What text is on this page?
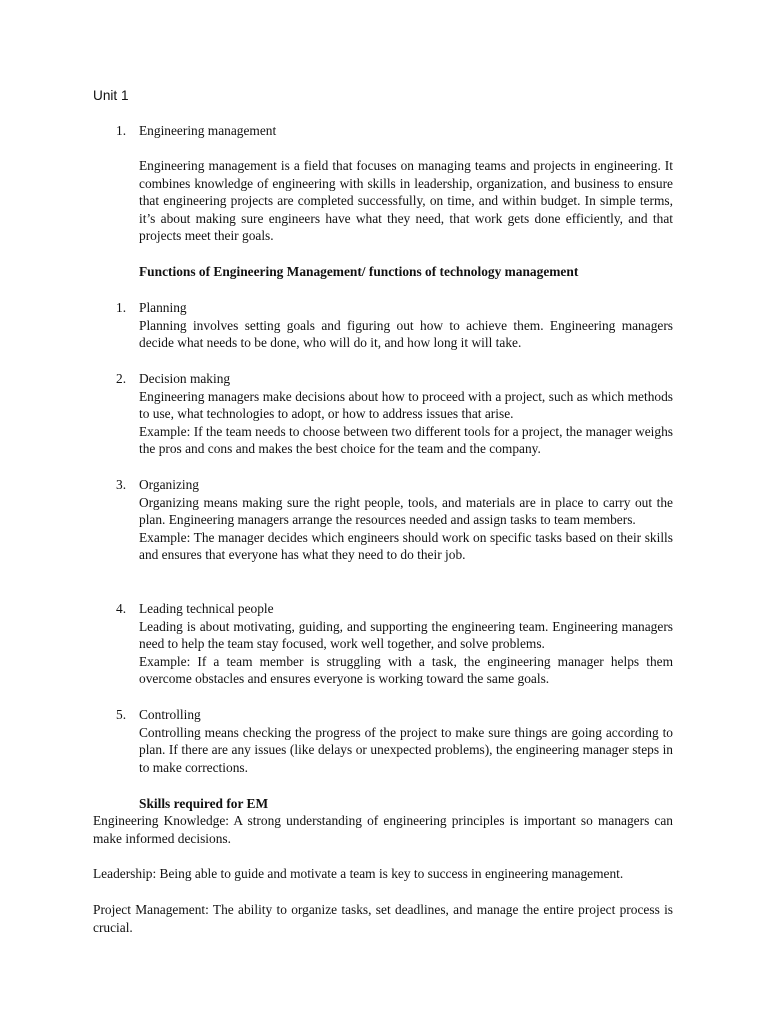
Unit 1
1. Engineering management

Engineering management is a field that focuses on managing teams and projects in engineering. It combines knowledge of engineering with skills in leadership, organization, and business to ensure that engineering projects are completed successfully, on time, and within budget. In simple terms, it’s about making sure engineers have what they need, that work gets done efficiently, and that projects meet their goals.

Functions of Engineering Management/ functions of technology management
1. Planning

Planning involves setting goals and figuring out how to achieve them. Engineering managers decide what needs to be done, who will do it, and how long it will take.

2. Decision making

Engineering managers make decisions about how to proceed with a project, such as which methods to use, what technologies to adopt, or how to address issues that arise.

Example: If the team needs to choose between two different tools for a project, the manager weighs the pros and cons and makes the best choice for the team and the company.

3. Organizing

Organizing means making sure the right people, tools, and materials are in place to carry out the plan. Engineering managers arrange the resources needed and assign tasks to team members.

Example: The manager decides which engineers should work on specific tasks based on their skills and ensures that everyone has what they need to do their job.

4. Leading technical people

Leading is about motivating, guiding, and supporting the engineering team. Engineering managers need to help the team stay focused, work well together, and solve problems.

Example: If a team member is struggling with a task, the engineering manager helps them overcome obstacles and ensures everyone is working toward the same goals.

5. Controlling

Controlling means checking the progress of the project to make sure things are going according to plan. If there are any issues (like delays or unexpected problems), the engineering manager steps in to make corrections.

Skills required for EM

Engineering Knowledge: A strong understanding of engineering principles is important so managers can make informed decisions.

Leadership: Being able to guide and motivate a team is key to success in engineering management.

Project Management: The ability to organize tasks, set deadlines, and manage the entire project process is crucial.
